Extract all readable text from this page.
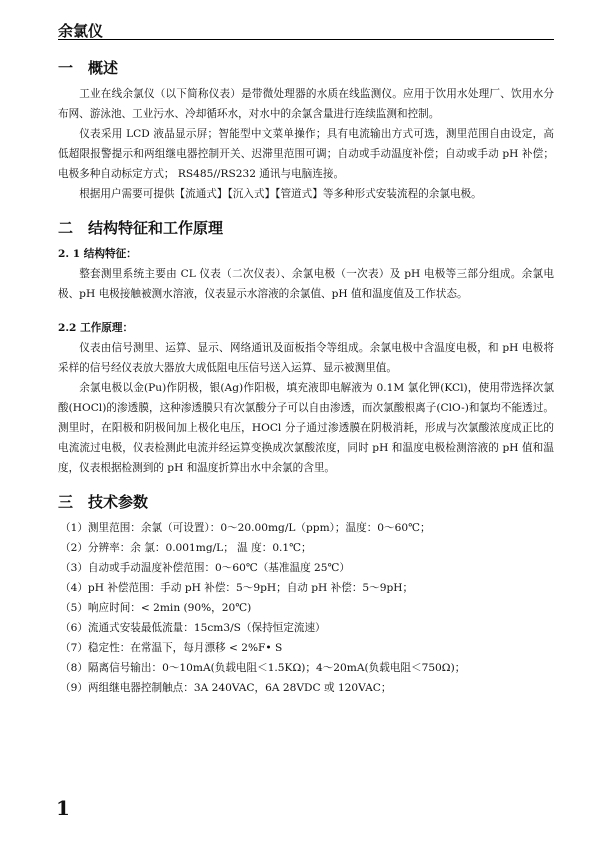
余氯仪
一 概述

工业在线余氯仪（以下简称仪表）是带微处理器的水质在线监测仪。应用于饮用水处理厂、饮用水分布网、游泳池、工业污水、冷却循环水，对水中的余氯含量进行连续监测和控制。

仪表采用 LCD 液晶显示屏；智能型中文菜单操作；具有电流输出方式可选，测里范围自由设定，高低超限报警提示和两组继电器控制开关、迟滞里范围可调；自动或手动温度补偿；自动或手动 pH 补偿；电极多种自动标定方式； RS485//RS232 通讯与电脑连接。

根据用户需要可提供【流通式】【沉入式】【管道式】等多种形式安装流程的余氯电极。

二 结构特征和工作原理

2. 1 结构特征：

整套测里系统主要由 CL 仪表（二次仪表）、余氯电极（一次表）及 pH 电极等三部分组成。余氯电极、pH 电极接触被测水溶液，仪表显示水溶液的余氯值、pH 值和温度值及工作状态。

2.2 工作原理：

仪表由信号测里、运算、显示、网络通讯及面板指令等组成。余氯电极中含温度电极，和 pH 电极将采样的信号经仪表放大器放大成低阻电压信号送入运算、显示被测里值。

余氯电极以金(Pu)作阴极，银(Ag)作阳极，填充液即电解液为 0.1M 氯化钾(KCl)，使用带选择次氯酸(HOCl)的渗透膜，这种渗透膜只有次氯酸分子可以自由渗透，而次氯酸根离子(ClO-)和氯均不能透过。测里时，在阳极和阴极间加上极化电压，HOCl 分子通过渗透膜在阴极消耗，形成与次氯酸浓度成正比的电流流过电极，仪表检测此电流并经运算变换成次氯酸浓度，同时 pH 和温度电极检测溶液的 pH 值和温度，仪表根据检测到的 pH 和温度折算出水中余氯的含里。

三 技术参数

（1）测里范围：余氯（可设置）：0～20.00mg/L（ppm）；温度：0～60℃；

（2）分辨率：余 氯：0.001mg/L； 温 度：0.1℃；

（3）自动或手动温度补偿范围：0～60℃（基准温度 25℃）

（4）pH 补偿范围：手动 pH 补偿：5～9pH；自动 pH 补偿：5～9pH；

（5）响应时间：< 2min (90%，20℃)

（6）流通式安装最低流量：15cm3/S（保持恒定流速）

（7）稳定性：在常温下，每月漂移 < 2%F• S

（8）隔离信号输出：0～10mA(负载电阻＜1.5KΩ)；4～20mA(负载电阻＜750Ω)；

（9）两组继电器控制触点：3A 240VAC，6A 28VDC 或 120VAC；

1
